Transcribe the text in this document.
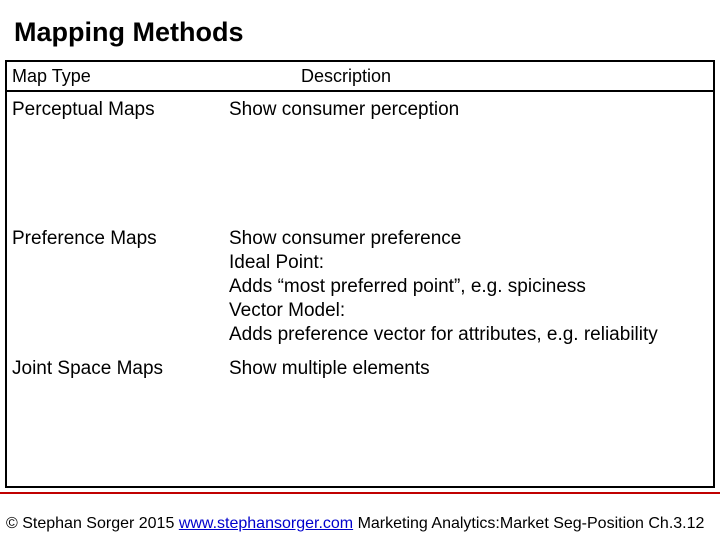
Mapping Methods
Map Type	Description
Perceptual Maps	Show consumer perception
Preference Maps	Show consumer preference
Ideal Point:
Adds “most preferred point”, e.g. spiciness
Vector Model:
Adds preference vector for attributes, e.g. reliability
Joint Space Maps	Show multiple elements
© Stephan Sorger 2015 www.stephansorger.com Marketing Analytics:Market Seg-Position Ch.3.12
